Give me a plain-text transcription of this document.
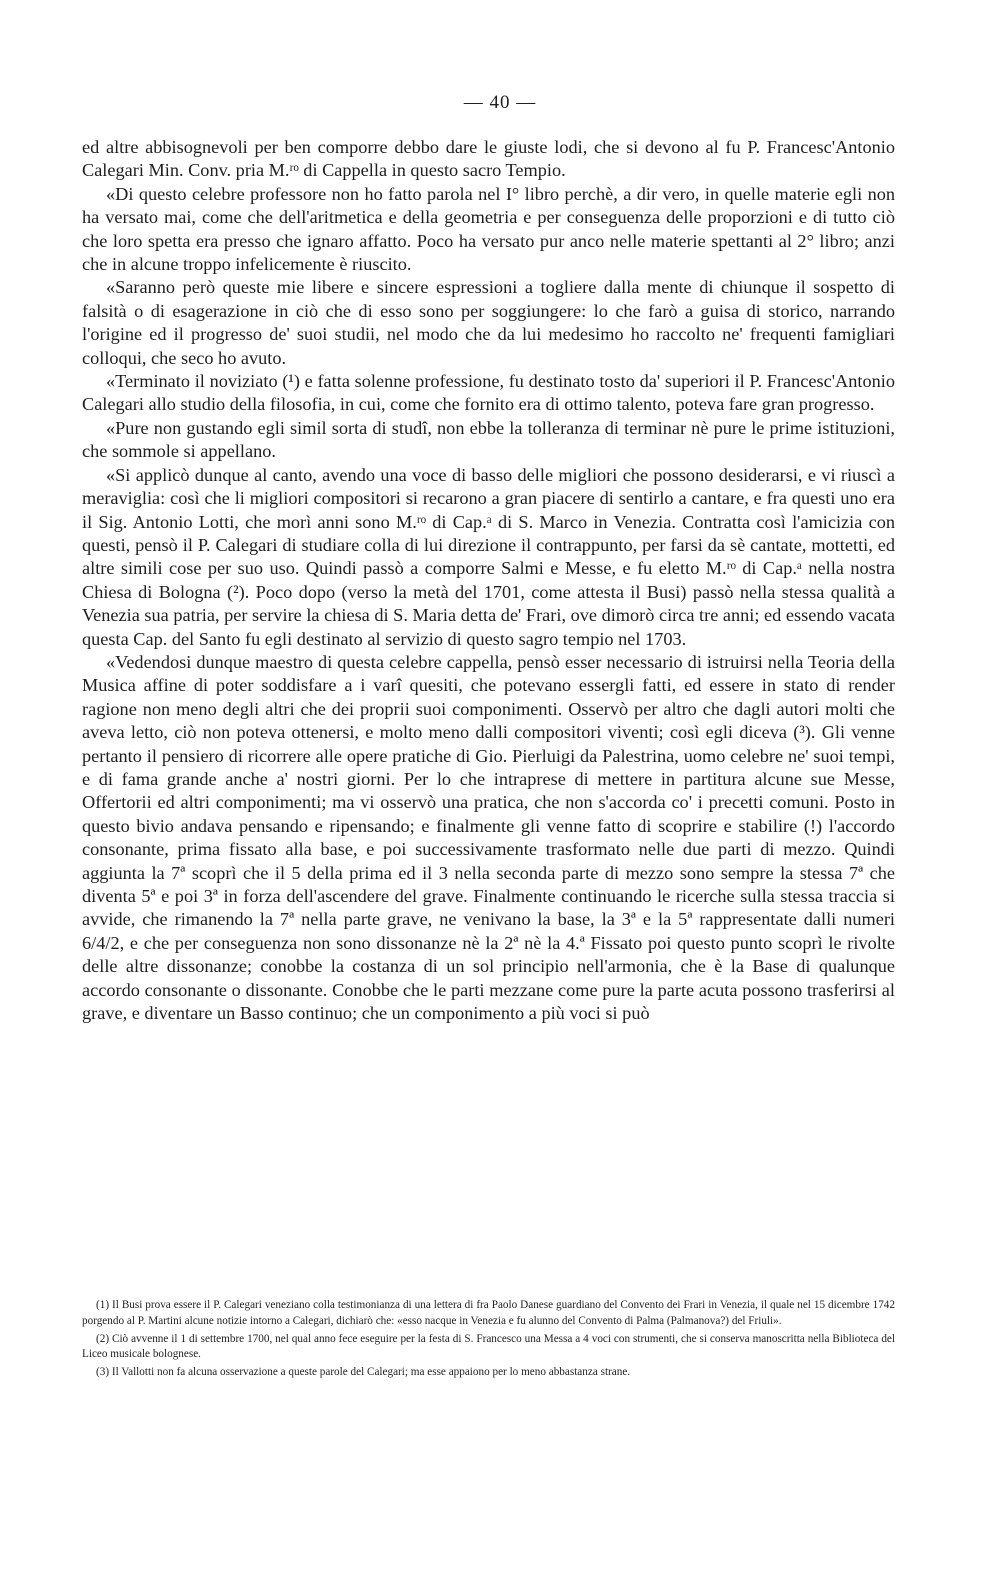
— 40 —

ed altre abbisognevoli per ben comporre debbo dare le giuste lodi, che si devono al fu P. Francesc'Antonio Calegari Min. Conv. pria M.ʳᵒ di Cappella in questo sacro Tempio.

«Di questo celebre professore non ho fatto parola nel I° libro perchè, a dir vero, in quelle materie egli non ha versato mai, come che dell'aritmetica e della geometria e per conseguenza delle proporzioni e di tutto ciò che loro spetta era presso che ignaro affatto. Poco ha versato pur anco nelle materie spettanti al 2° libro; anzi che in alcune troppo infelicemente è riuscito.

«Saranno però queste mie libere e sincere espressioni a togliere dalla mente di chiunque il sospetto di falsità o di esagerazione in ciò che di esso sono per soggiungere: lo che farò a guisa di storico, narrando l'origine ed il progresso de' suoi studii, nel modo che da lui medesimo ho raccolto ne' frequenti famigliari colloqui, che seco ho avuto.

«Terminato il noviziato (¹) e fatta solenne professione, fu destinato tosto da' superiori il P. Francesc'Antonio Calegari allo studio della filosofia, in cui, come che fornito era di ottimo talento, poteva fare gran progresso.

«Pure non gustando egli simil sorta di studî, non ebbe la tolleranza di terminar nè pure le prime istituzioni, che sommole si appellano.

«Si applicò dunque al canto, avendo una voce di basso delle migliori che possono desiderarsi, e vi riuscì a meraviglia: così che li migliori compositori si recarono a gran piacere di sentirlo a cantare, e fra questi uno era il Sig. Antonio Lotti, che morì anni sono M.ʳᵒ di Cap.ᵃ di S. Marco in Venezia. Contratta così l'amicizia con questi, pensò il P. Calegari di studiare colla di lui direzione il contrappunto, per farsi da sè cantate, mottetti, ed altre simili cose per suo uso. Quindi passò a comporre Salmi e Messe, e fu eletto M.ʳᵒ di Cap.ᵃ nella nostra Chiesa di Bologna (²). Poco dopo (verso la metà del 1701, come attesta il Busi) passò nella stessa qualità a Venezia sua patria, per servire la chiesa di S. Maria detta de' Frari, ove dimorò circa tre anni; ed essendo vacata questa Cap. del Santo fu egli destinato al servizio di questo sagro tempio nel 1703.

«Vedendosi dunque maestro di questa celebre cappella, pensò esser necessario di istruirsi nella Teoria della Musica affine di poter soddisfare a i varî quesiti, che potevano essergli fatti, ed essere in stato di render ragione non meno degli altri che dei proprii suoi componimenti. Osservò per altro che dagli autori molti che aveva letto, ciò non poteva ottenersi, e molto meno dalli compositori viventi; così egli diceva (³). Gli venne pertanto il pensiero di ricorrere alle opere pratiche di Gio. Pierluigi da Palestrina, uomo celebre ne' suoi tempi, e di fama grande anche a' nostri giorni. Per lo che intraprese di mettere in partitura alcune sue Messe, Offertorii ed altri componimenti; ma vi osservò una pratica, che non s'accorda co' i precetti comuni. Posto in questo bivio andava pensando e ripensando; e finalmente gli venne fatto di scoprire e stabilire (!) l'accordo consonante, prima fissato alla base, e poi successivamente trasformato nelle due parti di mezzo. Quindi aggiunta la 7ª scoprì che il 5 della prima ed il 3 nella seconda parte di mezzo sono sempre la stessa 7ª che diventa 5ª e poi 3ª in forza dell'ascendere del grave. Finalmente continuando le ricerche sulla stessa traccia si avvide, che rimanendo la 7ª nella parte grave, ne venivano la base, la 3ª e la 5ª rappresentate dalli numeri 6/4/2, e che per conseguenza non sono dissonanze nè la 2ª nè la 4.ª Fissato poi questo punto scoprì le rivolte delle altre dissonanze; conobbe la costanza di un sol principio nell'armonia, che è la Base di qualunque accordo consonante o dissonante. Conobbe che le parti mezzane come pure la parte acuta possono trasferirsi al grave, e diventare un Basso continuo; che un componimento a più voci si può

(1) Il Busi prova essere il P. Calegari veneziano colla testimonianza di una lettera di fra Paolo Danese guardiano del Convento dei Frari in Venezia, il quale nel 15 dicembre 1742 porgendo al P. Martini alcune notizie intorno a Calegari, dichiarò che: «esso nacque in Venezia e fu alunno del Convento di Palma (Palmanova?) del Friuli».

(2) Ciò avvenne il 1 di settembre 1700, nel qual anno fece eseguire per la festa di S. Francesco una Messa a 4 voci con strumenti, che si conserva manoscritta nella Biblioteca del Liceo musicale bolognese.

(3) Il Vallotti non fa alcuna osservazione a queste parole del Calegari; ma esse appaiono per lo meno abbastanza strane.
